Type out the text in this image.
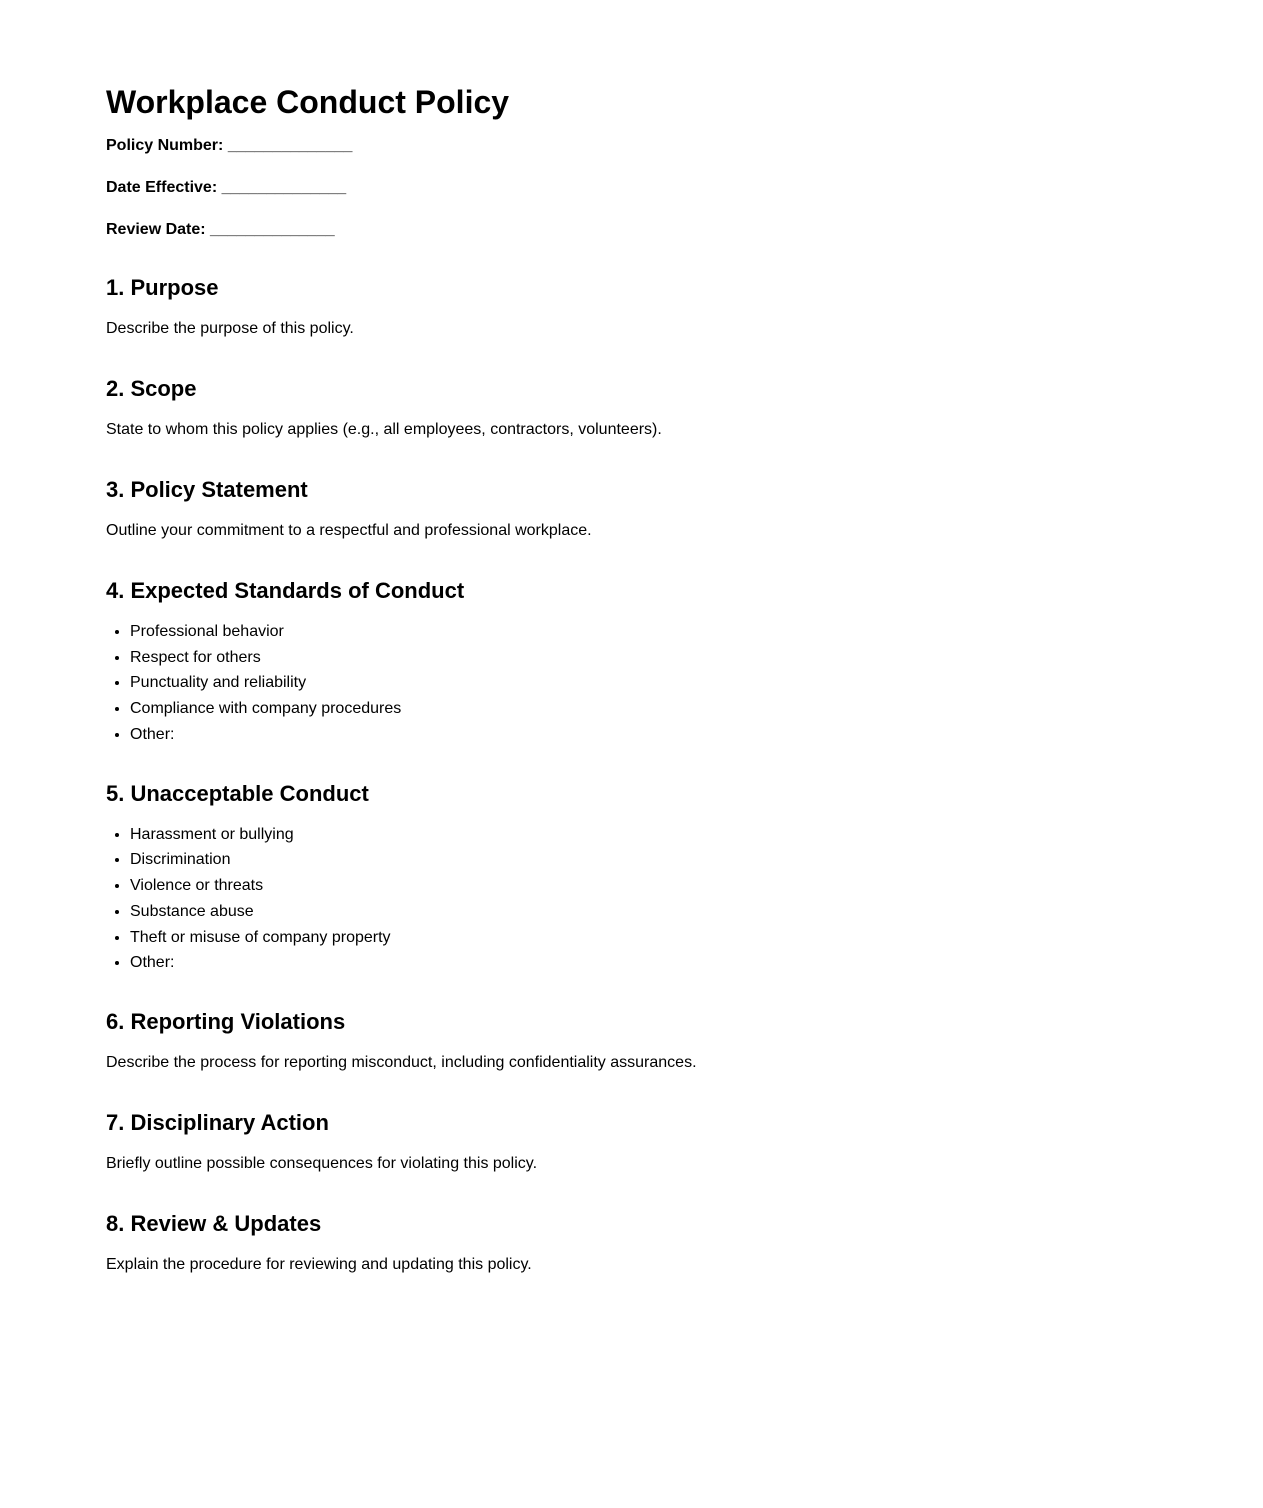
Workplace Conduct Policy
Policy Number: ______________
Date Effective: ______________
Review Date: ______________
1. Purpose

Describe the purpose of this policy.

2. Scope

State to whom this policy applies (e.g., all employees, contractors, volunteers).

3. Policy Statement

Outline your commitment to a respectful and professional workplace.

4. Expected Standards of Conduct
• Professional behavior
• Respect for others
• Punctuality and reliability
• Compliance with company procedures
• Other:
5. Unacceptable Conduct
• Harassment or bullying
• Discrimination
• Violence or threats
• Substance abuse
• Theft or misuse of company property
• Other:
6. Reporting Violations

Describe the process for reporting misconduct, including confidentiality assurances.

7. Disciplinary Action

Briefly outline possible consequences for violating this policy.

8. Review & Updates

Explain the procedure for reviewing and updating this policy.
